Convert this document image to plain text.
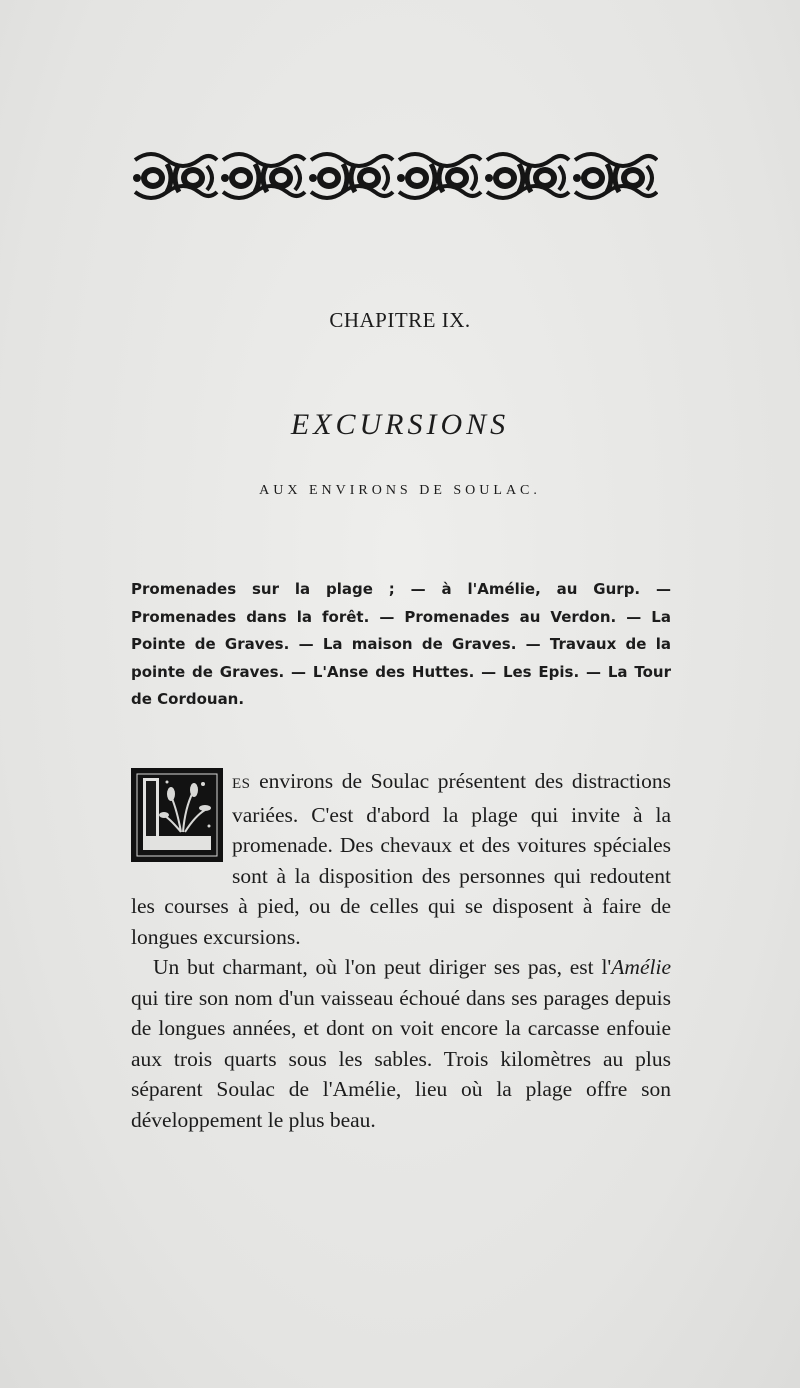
CHAPITRE IX.
EXCURSIONS
AUX ENVIRONS DE SOULAC.
Promenades sur la plage ; — à l'Amélie, au Gurp. — Promenades dans la forêt. — Promenades au Verdon. — La Pointe de Graves. — La maison de Graves. — Travaux de la pointe de Graves. — L'Anse des Huttes. — Les Epis. — La Tour de Cordouan.

ES environs de Soulac présentent des distractions variées. C'est d'abord la plage qui invite à la promenade. Des chevaux et des voitures spéciales sont à la disposition des personnes qui redoutent les courses à pied, ou de celles qui se disposent à faire de longues excursions.

Un but charmant, où l'on peut diriger ses pas, est l'Amélie qui tire son nom d'un vaisseau échoué dans ses parages depuis de longues années, et dont on voit encore la carcasse enfouie aux trois quarts sous les sables. Trois kilomètres au plus séparent Soulac de l'Amélie, lieu où la plage offre son développement le plus beau.
